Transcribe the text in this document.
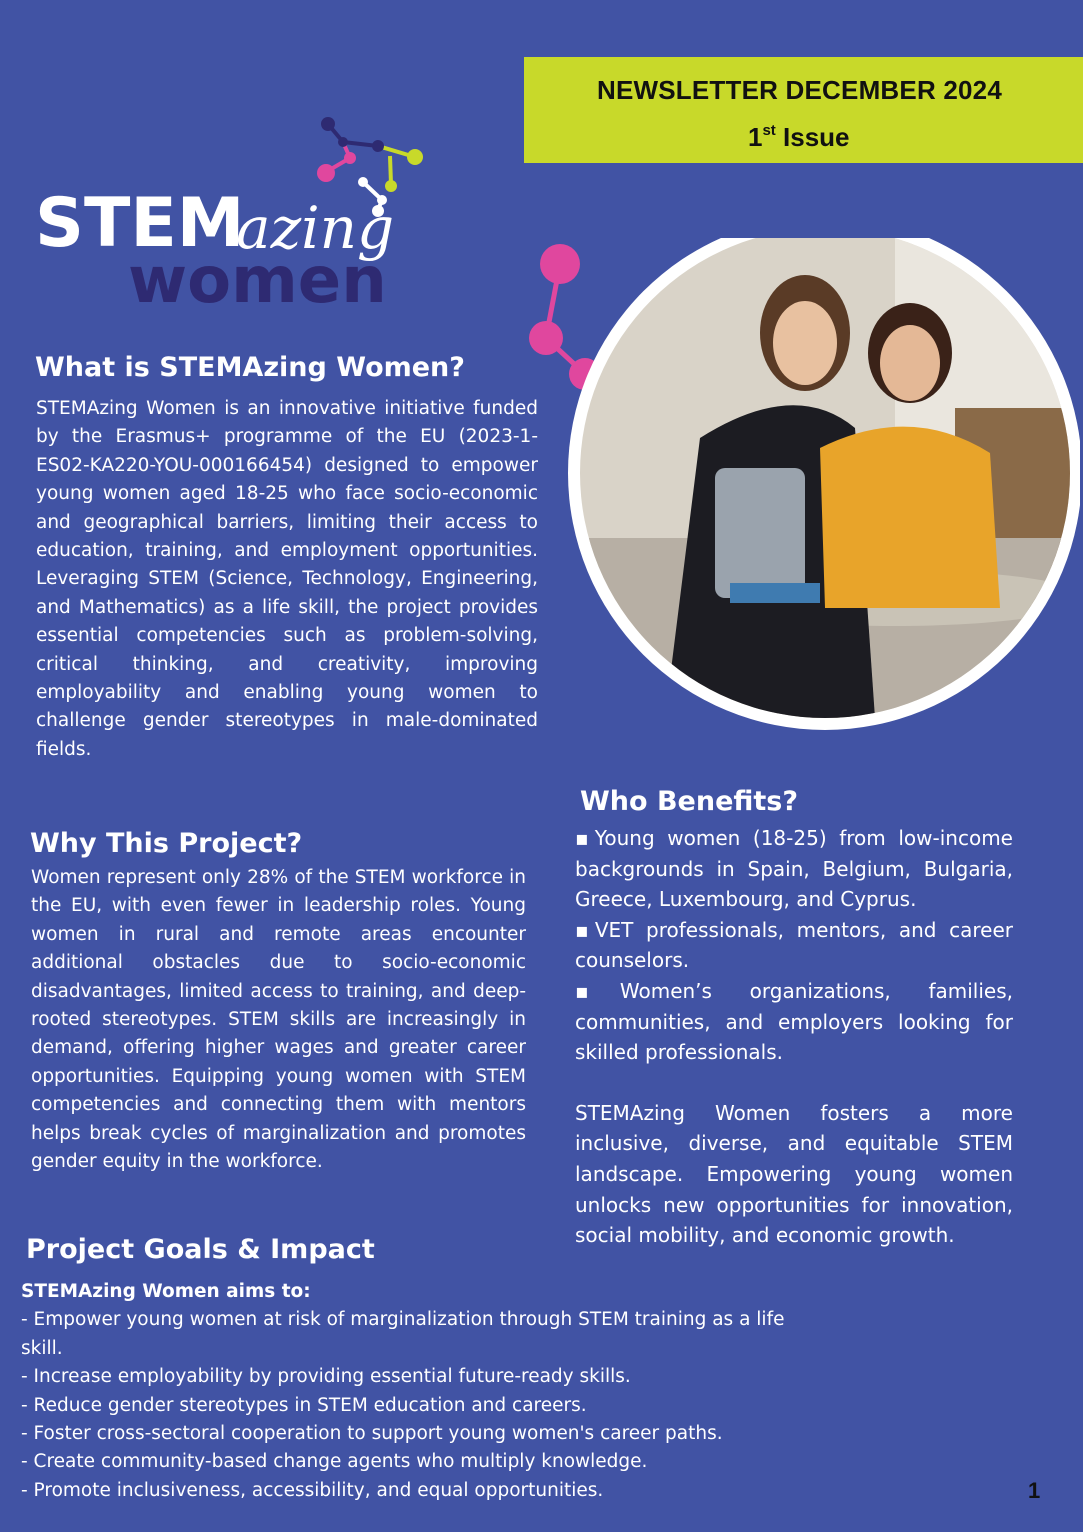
NEWSLETTER DECEMBER 2024
1st Issue
STEM
azing
women
What is STEMAzing Women?

STEMAzing Women is an innovative initiative funded by the Erasmus+ programme of the EU (2023-1-ES02-KA220-YOU-000166454) designed to empower young women aged 18-25 who face socio-economic and geographical barriers, limiting their access to education, training, and employment opportunities. Leveraging STEM (Science, Technology, Engineering, and Mathematics) as a life skill, the project provides essential competencies such as problem-solving, critical thinking, and creativity, improving employability and enabling young women to challenge gender stereotypes in male-dominated fields.

Why This Project?

Women represent only 28% of the STEM workforce in the EU, with even fewer in leadership roles. Young women in rural and remote areas encounter additional obstacles due to socio-economic disadvantages, limited access to training, and deep-rooted stereotypes. STEM skills are increasingly in demand, offering higher wages and greater career opportunities. Equipping young women with STEM competencies and connecting them with mentors helps break cycles of marginalization and promotes gender equity in the workforce.

Who Benefits?

▪Young women (18-25) from low-income backgrounds in Spain, Belgium, Bulgaria, Greece, Luxembourg, and Cyprus.

▪VET professionals, mentors, and career counselors.

▪Women’s organizations, families, communities, and employers looking for skilled professionals.

STEMAzing Women fosters a more inclusive, diverse, and equitable STEM landscape. Empowering young women unlocks new opportunities for innovation, social mobility, and economic growth.

Project Goals & Impact
STEMAzing Women aims to:
- Empower young women at risk of marginalization through STEM training as a life skill.
- Increase employability by providing essential future-ready skills.
- Reduce gender stereotypes in STEM education and careers.
- Foster cross-sectoral cooperation to support young women's career paths.
- Create community-based change agents who multiply knowledge.
- Promote inclusiveness, accessibility, and equal opportunities.	1
